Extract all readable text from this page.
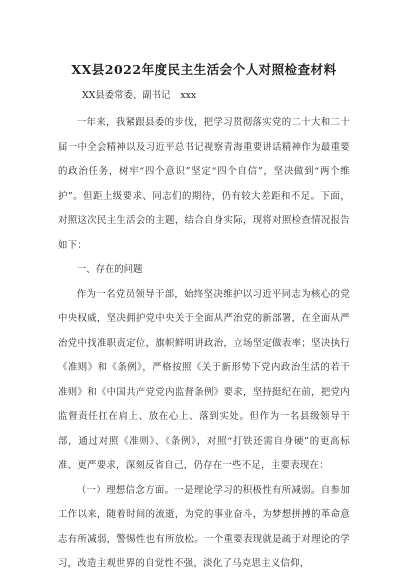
XX县2022年度民主生活会个人对照检查材料
XX县委常委、副书记 xxx

一年来，我紧跟县委的步伐，把学习贯彻落实党的二十大和二十届一中全会精神以及习近平总书记视察青海重要讲话精神作为最重要的政治任务，树牢“四个意识”坚定“四个自信”，坚决做到“两个维护”。但距上级要求、同志们的期待，仍有较大差距和不足。下面，对照这次民主生活会的主题，结合自身实际，现将对照检查情况报告如下：

一、存在的问题

作为一名党员领导干部，始终坚决维护以习近平同志为核心的党中央权威，坚决拥护党中央关于全面从严治党的新部署，在全面从严治党中找准职责定位，旗帜鲜明讲政治，立场坚定做表率；坚决执行《准则》和《条例》，严格按照《关于新形势下党内政治生活的若干准则》和《中国共产党党内监督条例》要求，坚持挺纪在前，把党内监督责任扛在肩上、放在心上、落到实处。但作为一名县级领导干部，通过对照《准则》、《条例》，对照“打铁还需自身硬”的更高标准、更严要求，深刻反省自己，仍存在一些不足，主要表现在：

（一）理想信念方面。一是理论学习的积极性有所减弱。自参加工作以来，随着时间的流逝，为党的事业奋斗，为梦想拼搏的革命意志有所减弱，警惕性也有所放松。一个重要表现就是疏于对理论的学习，改造主观世界的自觉性不强，淡化了马克思主义信仰，
